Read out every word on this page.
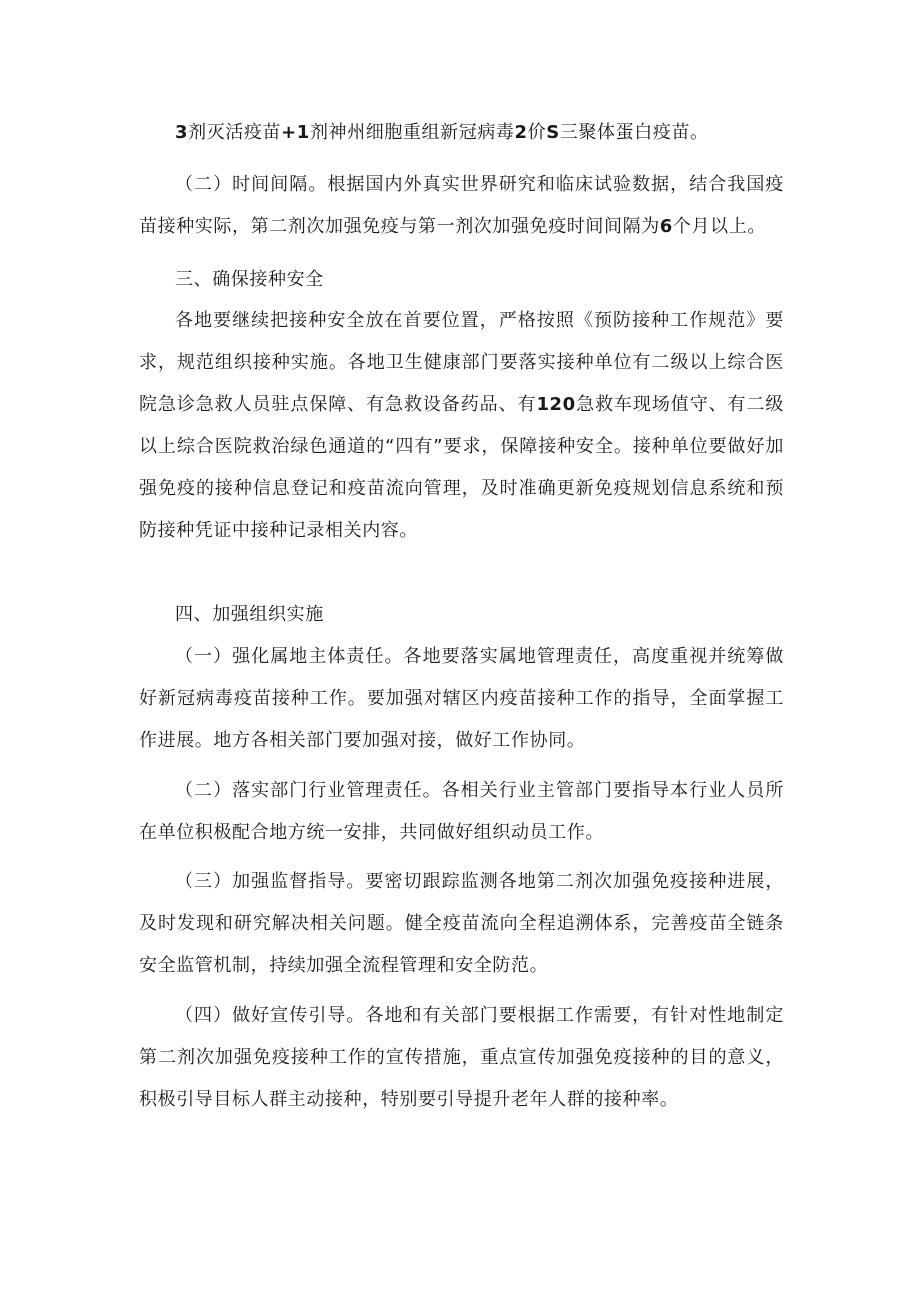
3剂灭活疫苗+1剂神州细胞重组新冠病毒2价S三聚体蛋白疫苗。

（二）时间间隔。根据国内外真实世界研究和临床试验数据，结合我国疫苗接种实际，第二剂次加强免疫与第一剂次加强免疫时间间隔为6个月以上。

三、确保接种安全

各地要继续把接种安全放在首要位置，严格按照《预防接种工作规范》要求，规范组织接种实施。各地卫生健康部门要落实接种单位有二级以上综合医院急诊急救人员驻点保障、有急救设备药品、有120急救车现场值守、有二级以上综合医院救治绿色通道的“四有”要求，保障接种安全。接种单位要做好加强免疫的接种信息登记和疫苗流向管理，及时准确更新免疫规划信息系统和预防接种凭证中接种记录相关内容。

四、加强组织实施

（一）强化属地主体责任。各地要落实属地管理责任，高度重视并统筹做好新冠病毒疫苗接种工作。要加强对辖区内疫苗接种工作的指导，全面掌握工作进展。地方各相关部门要加强对接，做好工作协同。

（二）落实部门行业管理责任。各相关行业主管部门要指导本行业人员所在单位积极配合地方统一安排，共同做好组织动员工作。

（三）加强监督指导。要密切跟踪监测各地第二剂次加强免疫接种进展，及时发现和研究解决相关问题。健全疫苗流向全程追溯体系，完善疫苗全链条安全监管机制，持续加强全流程管理和安全防范。

（四）做好宣传引导。各地和有关部门要根据工作需要，有针对性地制定第二剂次加强免疫接种工作的宣传措施，重点宣传加强免疫接种的目的意义，积极引导目标人群主动接种，特别要引导提升老年人群的接种率。
